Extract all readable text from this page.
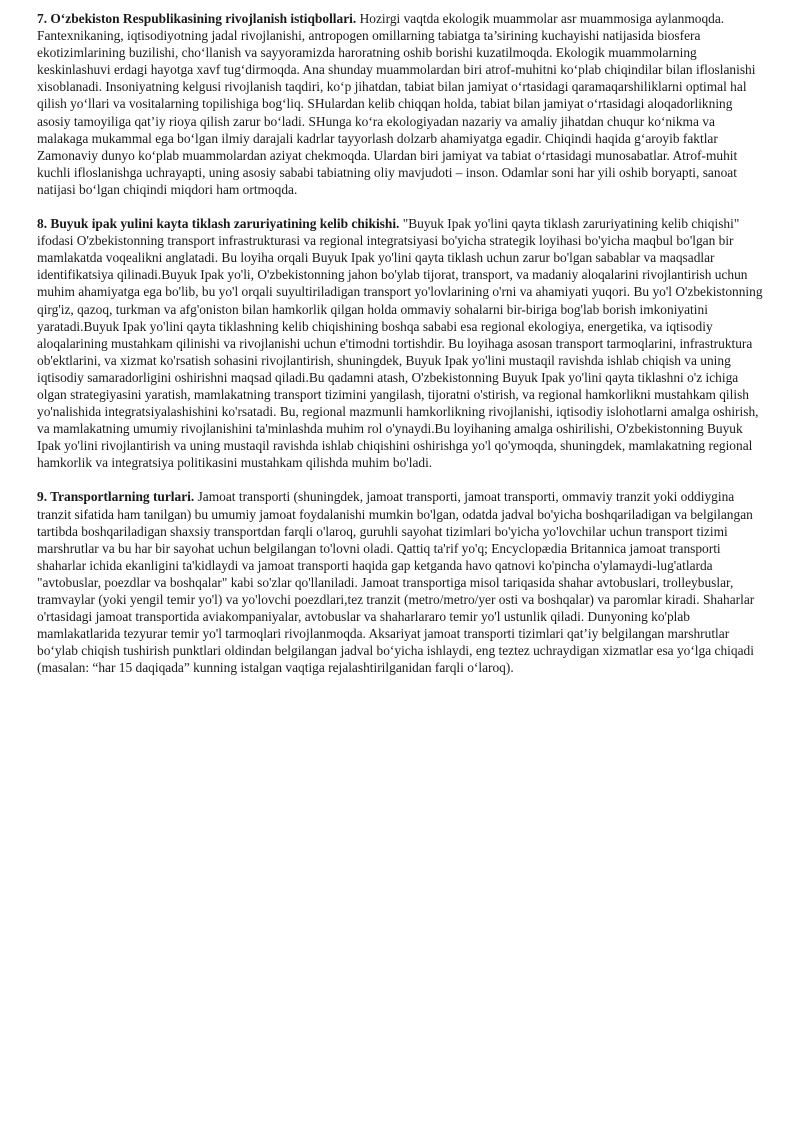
7. O‘zbekiston Respublikasining rivojlanish istiqbollari. Hozirgi vaqtda ekologik muammolar asr muammosiga aylanmoqda. Fantexnikaning, iqtisodiyotning jadal rivojlanishi, antropogen omillarning tabiatga ta’sirining kuchayishi natijasida biosfera ekotizimlarining buzilishi, cho‘llanish va sayyoramizda haroratning oshib borishi kuzatilmoqda. Ekologik muammolarning keskinlashuvi erdagi hayotga xavf tug‘dirmoqda. Ana shunday muammolardan biri atrof-muhitni ko‘plab chiqindilar bilan ifloslanishi xisoblanadi. Insoniyatning kelgusi rivojlanish taqdiri, ko‘p jihatdan, tabiat bilan jamiyat o‘rtasidagi qaramaqarshiliklarni optimal hal qilish yo‘llari va vositalarning topilishiga bog‘liq. SHulardan kelib chiqqan holda, tabiat bilan jamiyat o‘rtasidagi aloqadorlikning asosiy tamoyiliga qat’iy rioya qilish zarur bo‘ladi. SHunga ko‘ra ekologiyadan nazariy va amaliy jihatdan chuqur ko‘nikma va malakaga mukammal ega bo‘lgan ilmiy darajali kadrlar tayyorlash dolzarb ahamiyatga egadir. Chiqindi haqida g‘aroyib faktlar Zamonaviy dunyo ko‘plab muammolardan aziyat chekmoqda. Ulardan biri jamiyat va tabiat o‘rtasidagi munosabatlar. Atrof-muhit kuchli ifloslanishga uchrayapti, uning asosiy sababi tabiatning oliy mavjudoti – inson. Odamlar soni har yili oshib boryapti, sanoat natijasi bo‘lgan chiqindi miqdori ham ortmoqda.

8. Buyuk ipak yulini kayta tiklash zaruriyatining kelib chikishi. "Buyuk Ipak yo'lini qayta tiklash zaruriyatining kelib chiqishi" ifodasi O'zbekistonning transport infrastrukturasi va regional integratsiyasi bo'yicha strategik loyihasi bo'yicha maqbul bo'lgan bir mamlakatda voqealikni anglatadi. Bu loyiha orqali Buyuk Ipak yo'lini qayta tiklash uchun zarur bo'lgan sabablar va maqsadlar identifikatsiya qilinadi.Buyuk Ipak yo'li, O'zbekistonning jahon bo'ylab tijorat, transport, va madaniy aloqalarini rivojlantirish uchun muhim ahamiyatga ega bo'lib, bu yo'l orqali suyultiriladigan transport yo'lovlarining o'rni va ahamiyati yuqori. Bu yo'l O'zbekistonning qirg'iz, qazoq, turkman va afg'oniston bilan hamkorlik qilgan holda ommaviy sohalarni bir-biriga bog'lab borish imkoniyatini yaratadi.Buyuk Ipak yo'lini qayta tiklashning kelib chiqishining boshqa sababi esa regional ekologiya, energetika, va iqtisodiy aloqalarining mustahkam qilinishi va rivojlanishi uchun e'timodni tortishdir. Bu loyihaga asosan transport tarmoqlarini, infrastruktura ob'ektlarini, va xizmat ko'rsatish sohasini rivojlantirish, shuningdek, Buyuk Ipak yo'lini mustaqil ravishda ishlab chiqish va uning iqtisodiy samaradorligini oshirishni maqsad qiladi.Bu qadamni atash, O'zbekistonning Buyuk Ipak yo'lini qayta tiklashni o'z ichiga olgan strategiyasini yaratish, mamlakatning transport tizimini yangilash, tijoratni o'stirish, va regional hamkorlikni mustahkam qilish yo'nalishida integratsiyalashishini ko'rsatadi. Bu, regional mazmunli hamkorlikning rivojlanishi, iqtisodiy islohotlarni amalga oshirish, va mamlakatning umumiy rivojlanishini ta'minlashda muhim rol o'ynaydi.Bu loyihaning amalga oshirilishi, O'zbekistonning Buyuk Ipak yo'lini rivojlantirish va uning mustaqil ravishda ishlab chiqishini oshirishga yo'l qo'ymoqda, shuningdek, mamlakatning regional hamkorlik va integratsiya politikasini mustahkam qilishda muhim bo'ladi.

9. Transportlarning turlari. Jamoat transporti (shuningdek, jamoat transporti, jamoat transporti, ommaviy tranzit yoki oddiygina tranzit sifatida ham tanilgan) bu umumiy jamoat foydalanishi mumkin bo'lgan, odatda jadval bo'yicha boshqariladigan va belgilangan tartibda boshqariladigan shaxsiy transportdan farqli o'laroq, guruhli sayohat tizimlari bo'yicha yo'lovchilar uchun transport tizimi marshrutlar va bu har bir sayohat uchun belgilangan to'lovni oladi. Qattiq ta'rif yo'q; Encyclopædia Britannica jamoat transporti shaharlar ichida ekanligini ta'kidlaydi va jamoat transporti haqida gap ketganda havo qatnovi ko'pincha o'ylamaydi-lug'atlarda "avtobuslar, poezdlar va boshqalar" kabi so'zlar qo'llaniladi. Jamoat transportiga misol tariqasida shahar avtobuslari, trolleybuslar, tramvaylar (yoki yengil temir yo'l) va yo'lovchi poezdlari,tez tranzit (metro/metro/yer osti va boshqalar) va paromlar kiradi. Shaharlar o'rtasidagi jamoat transportida aviakompaniyalar, avtobuslar va shaharlararo temir yo'l ustunlik qiladi. Dunyoning ko'plab mamlakatlarida tezyurar temir yo'l tarmoqlari rivojlanmoqda. Aksariyat jamoat transporti tizimlari qat’iy belgilangan marshrutlar bo‘ylab chiqish tushirish punktlari oldindan belgilangan jadval bo‘yicha ishlaydi, eng teztez uchraydigan xizmatlar esa yo‘lga chiqadi (masalan: “har 15 daqiqada” kunning istalgan vaqtiga rejalashtirilganidan farqli o‘laroq).
